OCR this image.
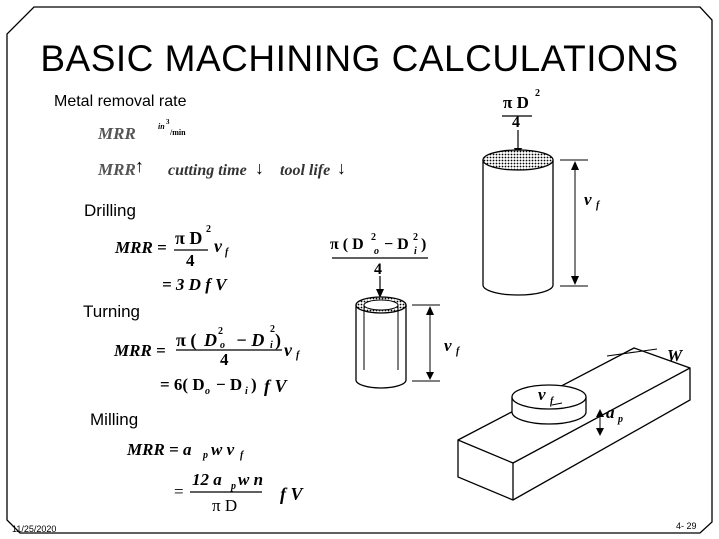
BASIC MACHINING CALCULATIONS
Metal removal rate
MRR	in 3
/min
MRR ↑ cutting time ↓ tool life ↓
Drilling
MRR = π D 2
4
v f
= 3 D f V
Turning
MRR =
π ( D 2
o − D
2
i )
4	v f
= 6( D o − D i ) f V
Milling
MRR = a p w v f
=
12 a p w n
π D
f V
π D 2
4
v f
π ( D 2
o − D 2
i )
4
v f	W
v f
a p
11/25/2020	4- 29
